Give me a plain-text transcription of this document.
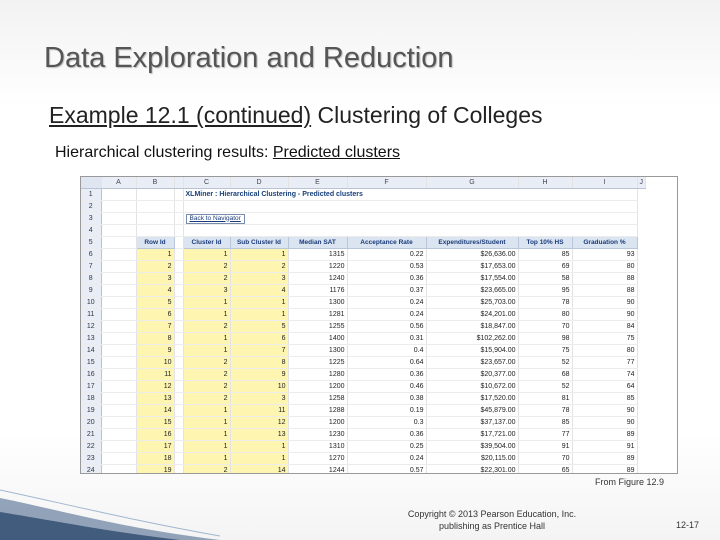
Data Exploration and Reduction
Example 12.1 (continued) Clustering of Colleges
Hierarchical clustering results: Predicted clusters
	A	B		C	D	E	F	G	H	I	J
1				XLMiner : Hierarchical Clustering - Predicted clusters							
2											
3				Back to Navigator							
4											
5		Row Id		Cluster Id	Sub Cluster Id	Median SAT	Acceptance Rate	Expenditures/Student	Top 10% HS	Graduation %	
6		1		1	1	1315	0.22	$26,636.00	85	93	
7		2		2	2	1220	0.53	$17,653.00	69	80	
8		3		2	3	1240	0.36	$17,554.00	58	88	
9		4		3	4	1176	0.37	$23,665.00	95	88	
10		5		1	1	1300	0.24	$25,703.00	78	90	
11		6		1	1	1281	0.24	$24,201.00	80	90	
12		7		2	5	1255	0.56	$18,847.00	70	84	
13		8		1	6	1400	0.31	$102,262.00	98	75	
14		9		1	7	1300	0.4	$15,904.00	75	80	
15		10		2	8	1225	0.64	$23,657.00	52	77	
16		11		2	9	1280	0.36	$20,377.00	68	74	
17		12		2	10	1200	0.46	$10,672.00	52	64	
18		13		2	3	1258	0.38	$17,520.00	81	85	
19		14		1	11	1288	0.19	$45,879.00	78	90	
20		15		1	12	1200	0.3	$37,137.00	85	90	
21		16		1	13	1230	0.36	$17,721.00	77	89	
22		17		1	1	1310	0.25	$39,504.00	91	91	
23		18		1	1	1270	0.24	$20,115.00	70	89	
24		19		2	14	1244	0.57	$22,301.00	65	89	

From Figure 12.9
Copyright © 2013 Pearson Education, Inc.
publishing as Prentice Hall	12-17
